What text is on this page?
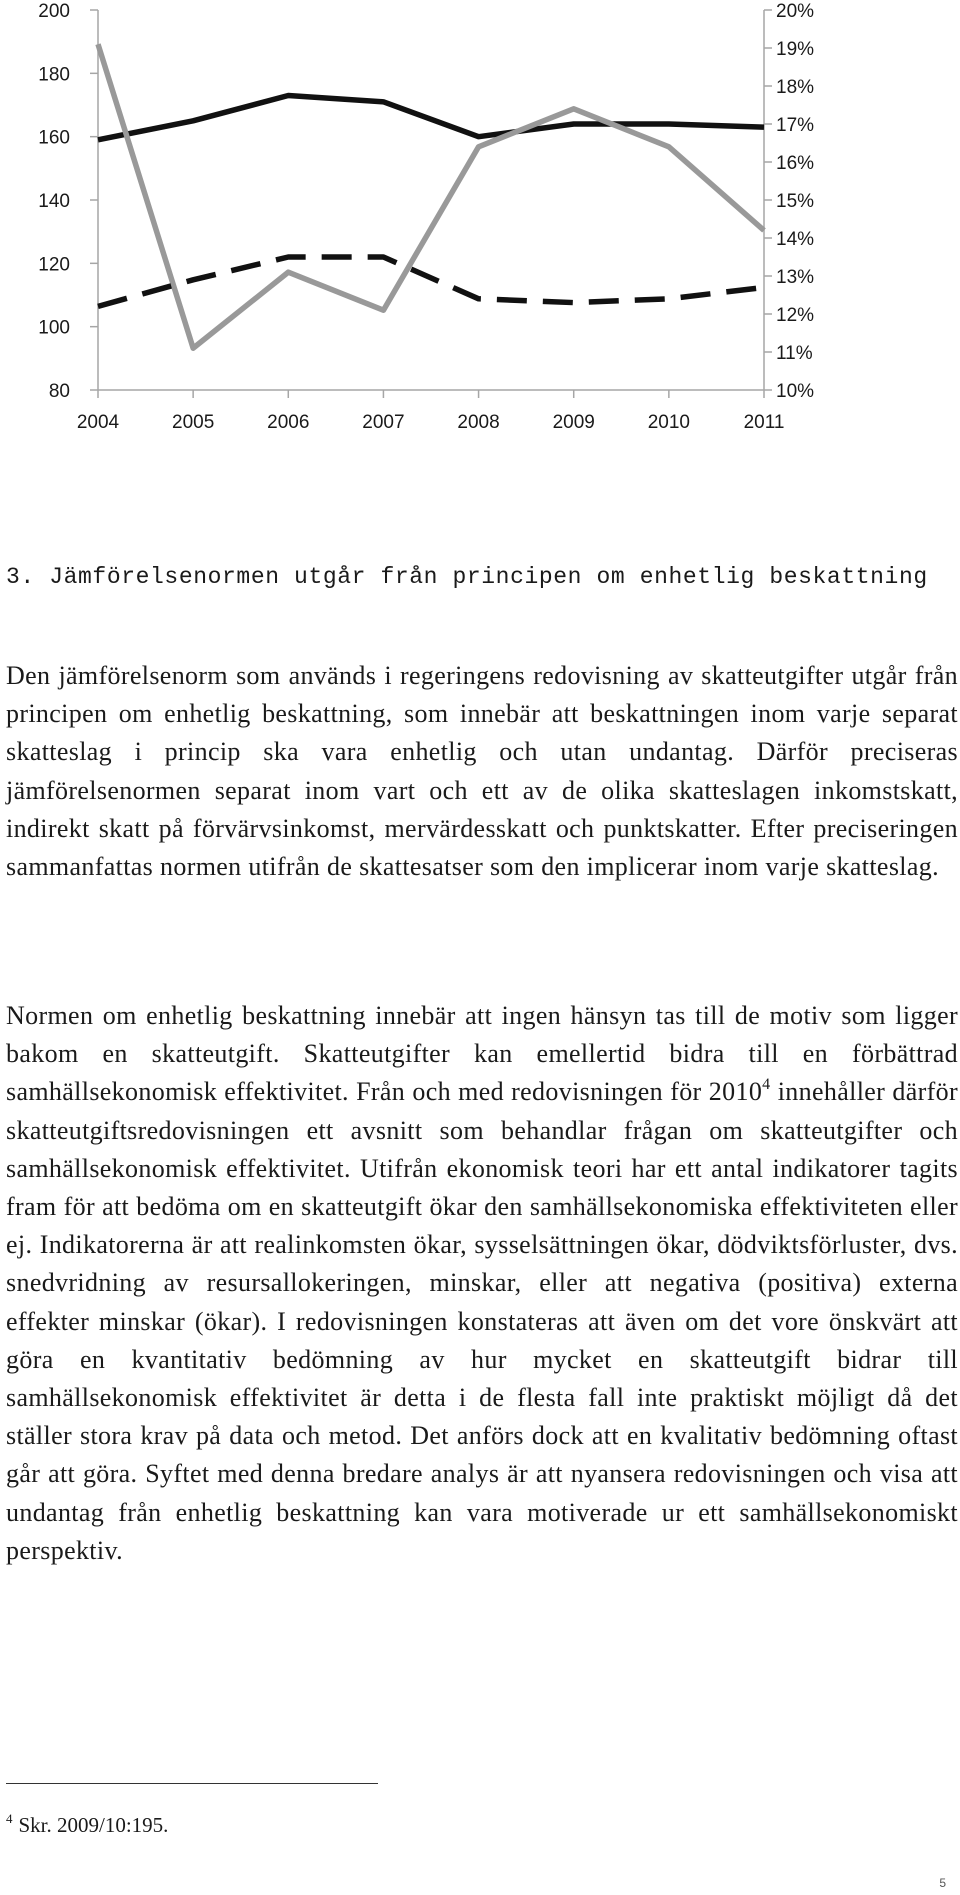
80
100
120
140
160
180
200
10%
11%
12%
13%
14%
15%
16%
17%
18%
19%
20%
2004	2005	2006	2007	2008	2009	2010	2011
3. Jämförelsenormen utgår från principen om enhetlig beskattning

Den jämförelsenorm som används i regeringens redovisning av skatteutgifter utgår från principen om enhetlig beskattning, som innebär att beskattningen inom varje separat skatteslag i princip ska vara enhetlig och utan undantag. Därför preciseras jämförelsenormen separat inom vart och ett av de olika skatteslagen inkomstskatt, indirekt skatt på förvärvsinkomst, mervärdesskatt och punktskatter. Efter preciseringen sammanfattas normen utifrån de skattesatser som den implicerar inom varje skatteslag.

Normen om enhetlig beskattning innebär att ingen hänsyn tas till de motiv som ligger bakom en skatteutgift. Skatteutgifter kan emellertid bidra till en förbättrad samhällsekonomisk effektivitet. Från och med redovisningen för 2010$^4$ innehåller därför skatteutgiftsredovisningen ett avsnitt som behandlar frågan om skatteutgifter och samhällsekonomisk effektivitet. Utifrån ekonomisk teori har ett antal indikatorer tagits fram för att bedöma om en skatteutgift ökar den samhällsekonomiska effektiviteten eller ej. Indikatorerna är att realinkomsten ökar, sysselsättningen ökar, dödviktsförluster, dvs. snedvridning av resursallokeringen, minskar, eller att negativa (positiva) externa effekter minskar (ökar). I redovisningen konstateras att även om det vore önskvärt att göra en kvantitativ bedömning av hur mycket en skatteutgift bidrar till samhällsekonomisk effektivitet är detta i de flesta fall inte praktiskt möjligt då det ställer stora krav på data och metod. Det anförs dock att en kvalitativ bedömning oftast går att göra. Syftet med denna bredare analys är att nyansera redovisningen och visa att undantag från enhetlig beskattning kan vara motiverade ur ett samhällsekonomiskt perspektiv.

$^4$ Skr. 2009/10:195.

5
